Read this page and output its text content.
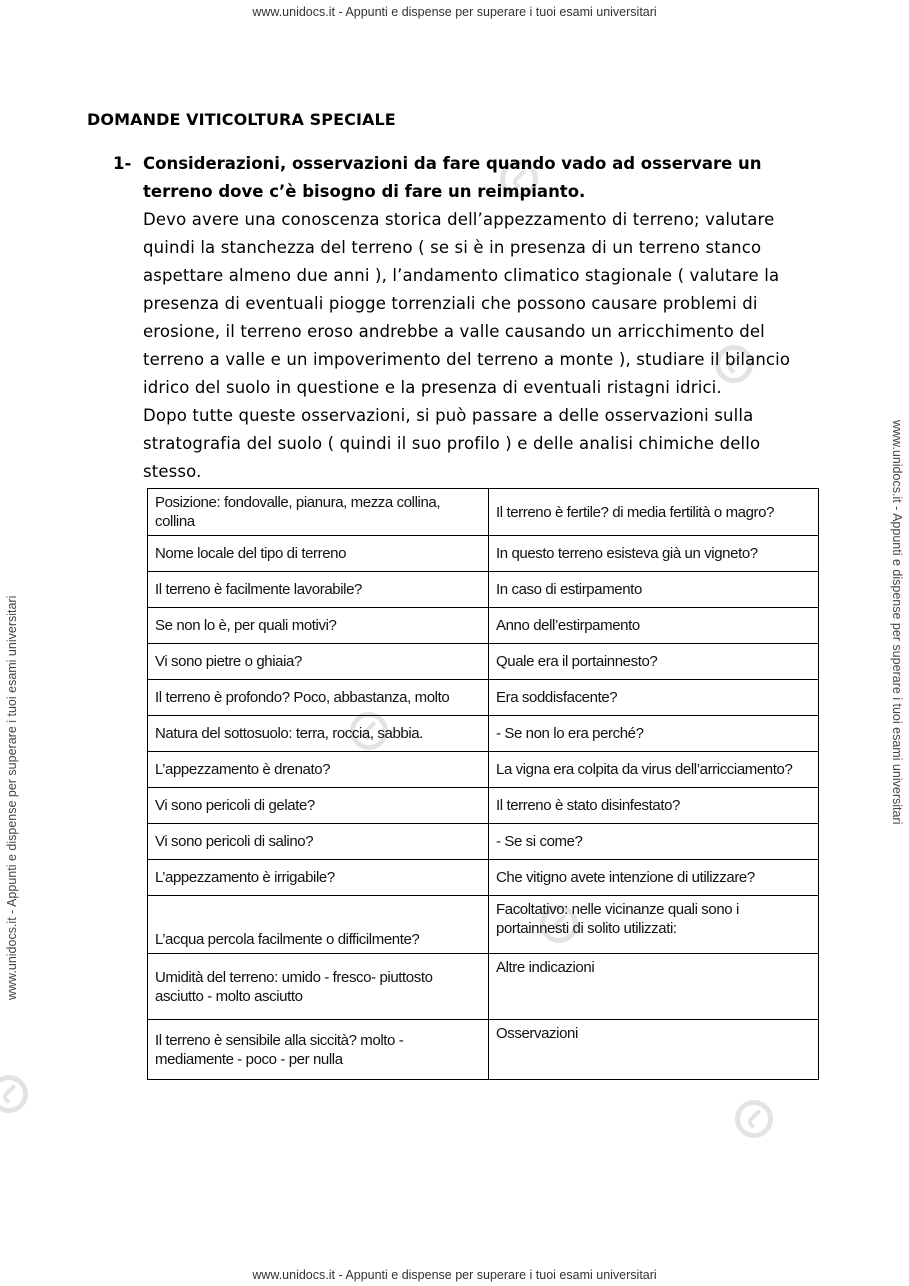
www.unidocs.it - Appunti e dispense per superare i tuoi esami universitari
www.unidocs.it - Appunti e dispense per superare i tuoi esami universitari
www.unidocs.it - Appunti e dispense per superare i tuoi esami universitari	www.unidocs.it - Appunti e dispense per superare i tuoi esami universitari
DOMANDE VITICOLTURA SPECIALE
1- Considerazioni, osservazioni da fare quando vado ad osservare un terreno dove c’è bisogno di fare un reimpianto.
Devo avere una conoscenza storica dell’appezzamento di terreno; valutare quindi la stanchezza del terreno ( se si è in presenza di un terreno stanco aspettare almeno due anni ), l’andamento climatico stagionale ( valutare la presenza di eventuali piogge torrenziali che possono causare problemi di erosione, il terreno eroso andrebbe a valle causando un arricchimento del terreno a valle e un impoverimento del terreno a monte ), studiare il bilancio idrico del suolo in questione e la presenza di eventuali ristagni idrici.
Dopo tutte queste osservazioni, si può passare a delle osservazioni sulla stratografia del suolo ( quindi il suo profilo ) e delle analisi chimiche dello stesso.
Posizione: fondovalle, pianura, mezza collina, collina	Il terreno è fertile? di media fertilità o magro?
Nome locale del tipo di terreno	In questo terreno esisteva già un vigneto?
Il terreno è facilmente lavorabile?	In caso di estirpamento
Se non lo è, per quali motivi?	Anno dell’estirpamento
Vi sono pietre o ghiaia?	Quale era il portainnesto?
Il terreno è profondo? Poco, abbastanza, molto	Era soddisfacente?
Natura del sottosuolo: terra, roccia, sabbia.	- Se non lo era perché?
L’appezzamento è drenato?	La vigna era colpita da virus dell’arricciamento?
Vi sono pericoli di gelate?	Il terreno è stato disinfestato?
Vi sono pericoli di salino?	- Se si come?
L’appezzamento è irrigabile?	Che vitigno avete intenzione di utilizzare?
L’acqua percola facilmente o difficilmente?	Facoltativo: nelle vicinanze quali sono i portainnesti di solito utilizzati:
Umidità del terreno: umido - fresco- piuttosto asciutto - molto asciutto	Altre indicazioni
Il terreno è sensibile alla siccità? molto -mediamente - poco - per nulla	Osservazioni
